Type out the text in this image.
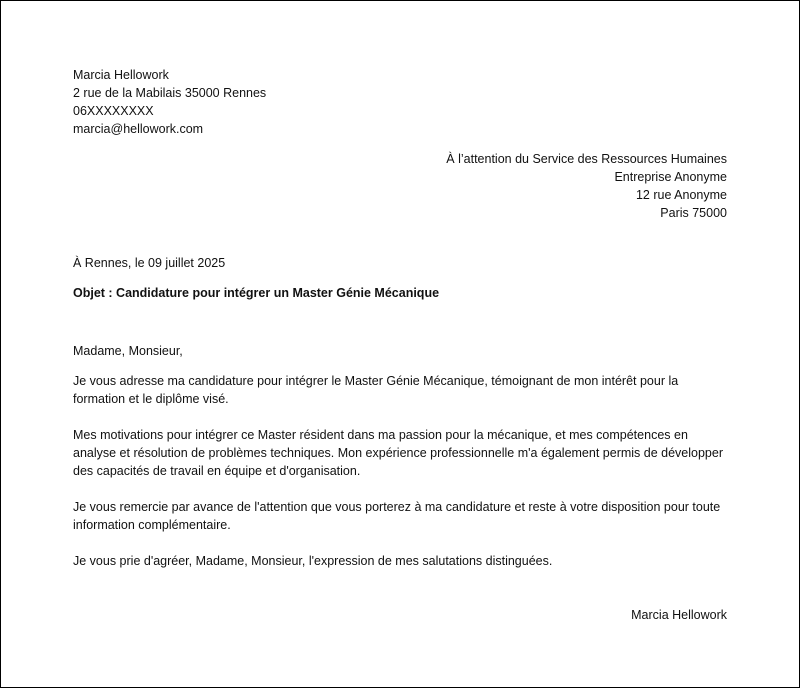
Marcia Hellowork
2 rue de la Mabilais 35000 Rennes
06XXXXXXXX
marcia@hellowork.com
À l’attention du Service des Ressources Humaines
Entreprise Anonyme
12 rue Anonyme
Paris 75000
À Rennes, le 09 juillet 2025
Objet : Candidature pour intégrer un Master Génie Mécanique

Madame, Monsieur,

Je vous adresse ma candidature pour intégrer le Master Génie Mécanique, témoignant de mon intérêt pour la formation et le diplôme visé.

Mes motivations pour intégrer ce Master résident dans ma passion pour la mécanique, et mes compétences en analyse et résolution de problèmes techniques. Mon expérience professionnelle m'a également permis de développer des capacités de travail en équipe et d'organisation.

Je vous remercie par avance de l'attention que vous porterez à ma candidature et reste à votre disposition pour toute information complémentaire.

Je vous prie d'agréer, Madame, Monsieur, l'expression de mes salutations distinguées.

Marcia Hellowork
